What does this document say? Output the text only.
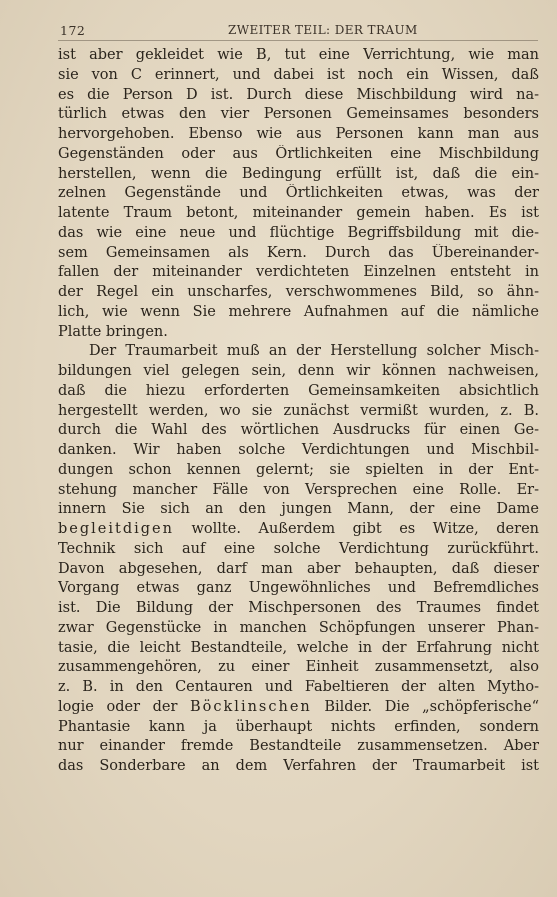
172	ZWEITER TEIL: DER TRAUM
ist aber gekleidet wie B, tut eine Verrichtung, wie man
sie von C erinnert, und dabei ist noch ein Wissen, daß
es die Person D ist. Durch diese Mischbildung wird na-
türlich etwas den vier Personen Gemeinsames besonders
hervorgehoben. Ebenso wie aus Personen kann man aus
Gegenständen oder aus Örtlichkeiten eine Mischbildung
herstellen, wenn die Bedingung erfüllt ist, daß die ein-
zelnen Gegenstände und Örtlichkeiten etwas, was der
latente Traum betont, miteinander gemein haben. Es ist
das wie eine neue und flüchtige Begriffsbildung mit die-
sem Gemeinsamen als Kern. Durch das Übereinander-
fallen der miteinander verdichteten Einzelnen entsteht in
der Regel ein unscharfes, verschwommenes Bild, so ähn-
lich, wie wenn Sie mehrere Aufnahmen auf die nämliche
Platte bringen.
Der Traumarbeit muß an der Herstellung solcher Misch-
bildungen viel gelegen sein, denn wir können nachweisen,
daß die hiezu erforderten Gemeinsamkeiten absichtlich
hergestellt werden, wo sie zunächst vermißt wurden, z. B.
durch die Wahl des wörtlichen Ausdrucks für einen Ge-
danken. Wir haben solche Verdichtungen und Mischbil-
dungen schon kennen gelernt; sie spielten in der Ent-
stehung mancher Fälle von Versprechen eine Rolle. Er-
innern Sie sich an den jungen Mann, der eine Dame
begleitdigen wollte. Außerdem gibt es Witze, deren
Technik sich auf eine solche Verdichtung zurückführt.
Davon abgesehen, darf man aber behaupten, daß dieser
Vorgang etwas ganz Ungewöhnliches und Befremdliches
ist. Die Bildung der Mischpersonen des Traumes findet
zwar Gegenstücke in manchen Schöpfungen unserer Phan-
tasie, die leicht Bestandteile, welche in der Erfahrung nicht
zusammengehören, zu einer Einheit zusammensetzt, also
z. B. in den Centauren und Fabeltieren der alten Mytho-
logie oder der Böcklinschen Bilder. Die „schöpferische“
Phantasie kann ja überhaupt nichts erfinden, sondern
nur einander fremde Bestandteile zusammensetzen. Aber
das Sonderbare an dem Verfahren der Traumarbeit ist
